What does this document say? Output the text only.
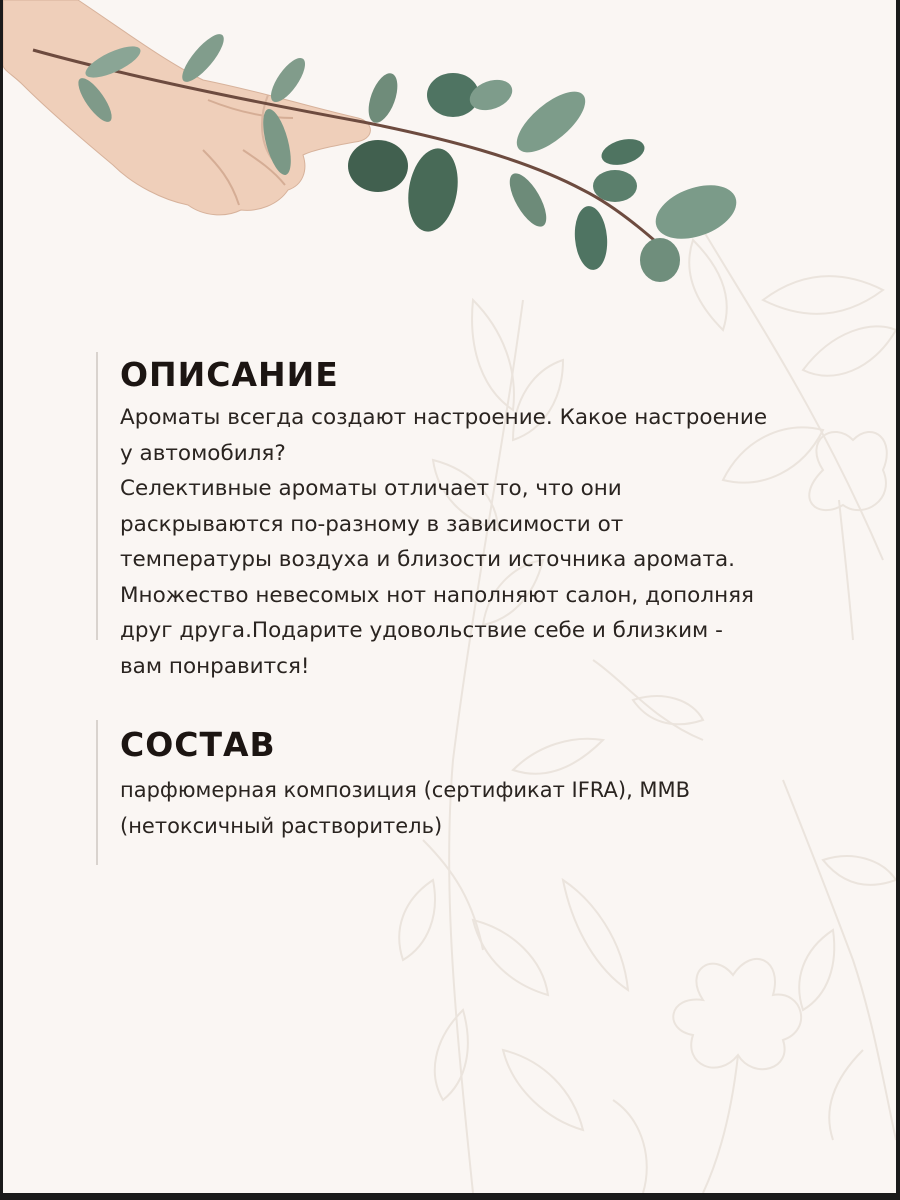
ОПИСАНИЕ

Ароматы всегда создают настроение. Какое настроение
у автомобиля?
Селективные ароматы отличает то, что они
раскрываются по-разному в зависимости от
температуры воздуха и близости источника аромата.
Множество невесомых нот наполняют салон, дополняя
друг друга.Подарите удовольствие себе и близким -
вам понравится!

СОСТАВ

парфюмерная композиция (сертификат IFRA), ММВ
(нетоксичный растворитель)
